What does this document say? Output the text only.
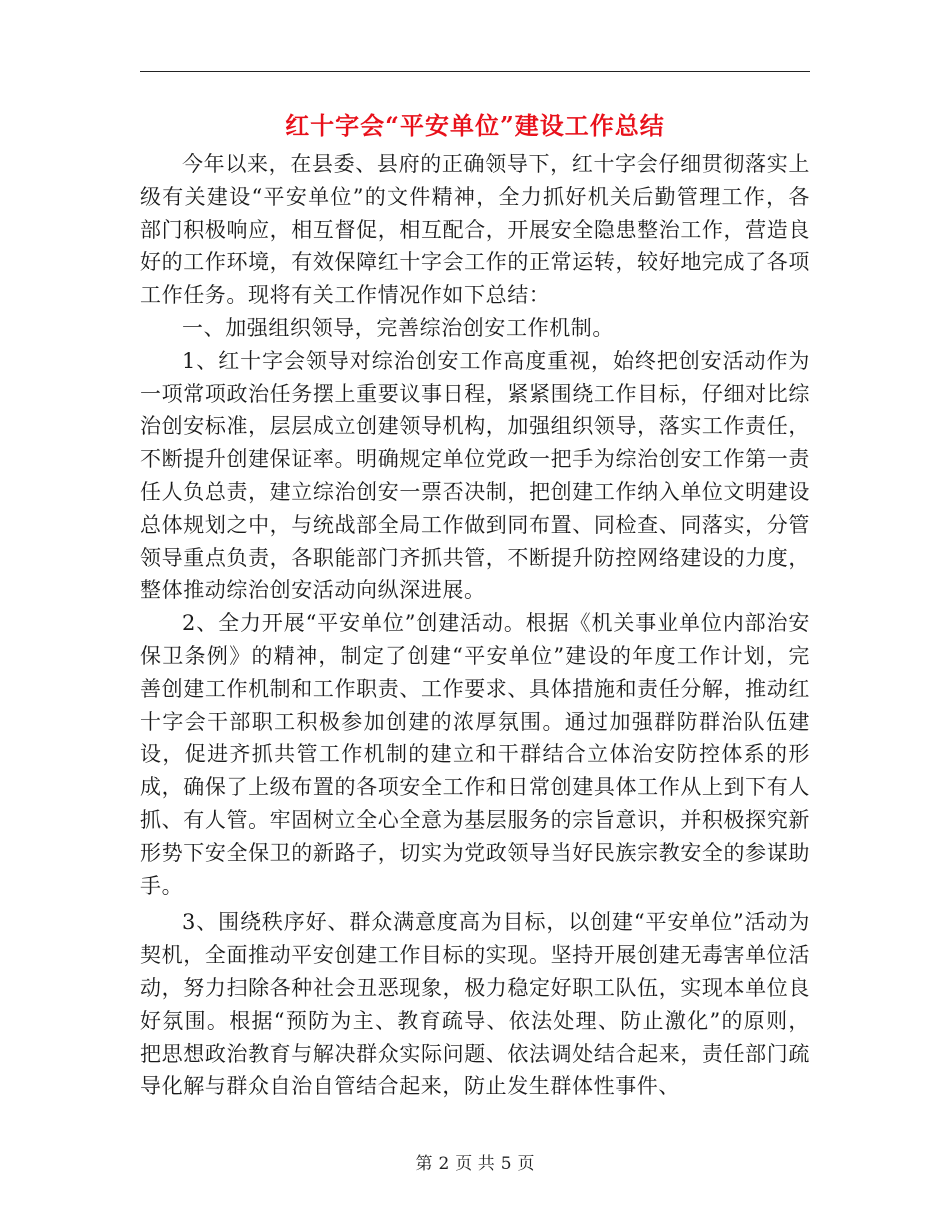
红十字会“平安单位”建设工作总结

今年以来，在县委、县府的正确领导下，红十字会仔细贯彻落实上级有关建设“平安单位”的文件精神，全力抓好机关后勤管理工作，各部门积极响应，相互督促，相互配合，开展安全隐患整治工作，营造良好的工作环境，有效保障红十字会工作的正常运转，较好地完成了各项工作任务。现将有关工作情况作如下总结：

一、加强组织领导，完善综治创安工作机制。

1、红十字会领导对综治创安工作高度重视，始终把创安活动作为一项常项政治任务摆上重要议事日程，紧紧围绕工作目标，仔细对比综治创安标准，层层成立创建领导机构，加强组织领导，落实工作责任，不断提升创建保证率。明确规定单位党政一把手为综治创安工作第一责任人负总责，建立综治创安一票否决制，把创建工作纳入单位文明建设总体规划之中，与统战部全局工作做到同布置、同检查、同落实，分管领导重点负责，各职能部门齐抓共管，不断提升防控网络建设的力度，整体推动综治创安活动向纵深进展。

2、全力开展“平安单位”创建活动。根据《机关事业单位内部治安保卫条例》的精神，制定了创建“平安单位”建设的年度工作计划，完善创建工作机制和工作职责、工作要求、具体措施和责任分解，推动红十字会干部职工积极参加创建的浓厚氛围。通过加强群防群治队伍建设，促进齐抓共管工作机制的建立和干群结合立体治安防控体系的形成，确保了上级布置的各项安全工作和日常创建具体工作从上到下有人抓、有人管。牢固树立全心全意为基层服务的宗旨意识，并积极探究新形势下安全保卫的新路子，切实为党政领导当好民族宗教安全的参谋助手。

3、围绕秩序好、群众满意度高为目标，以创建“平安单位”活动为契机，全面推动平安创建工作目标的实现。坚持开展创建无毒害单位活动，努力扫除各种社会丑恶现象，极力稳定好职工队伍，实现本单位良好氛围。根据“预防为主、教育疏导、依法处理、防止激化”的原则，把思想政治教育与解决群众实际问题、依法调处结合起来，责任部门疏导化解与群众自治自管结合起来，防止发生群体性事件、

第 2 页 共 5 页
